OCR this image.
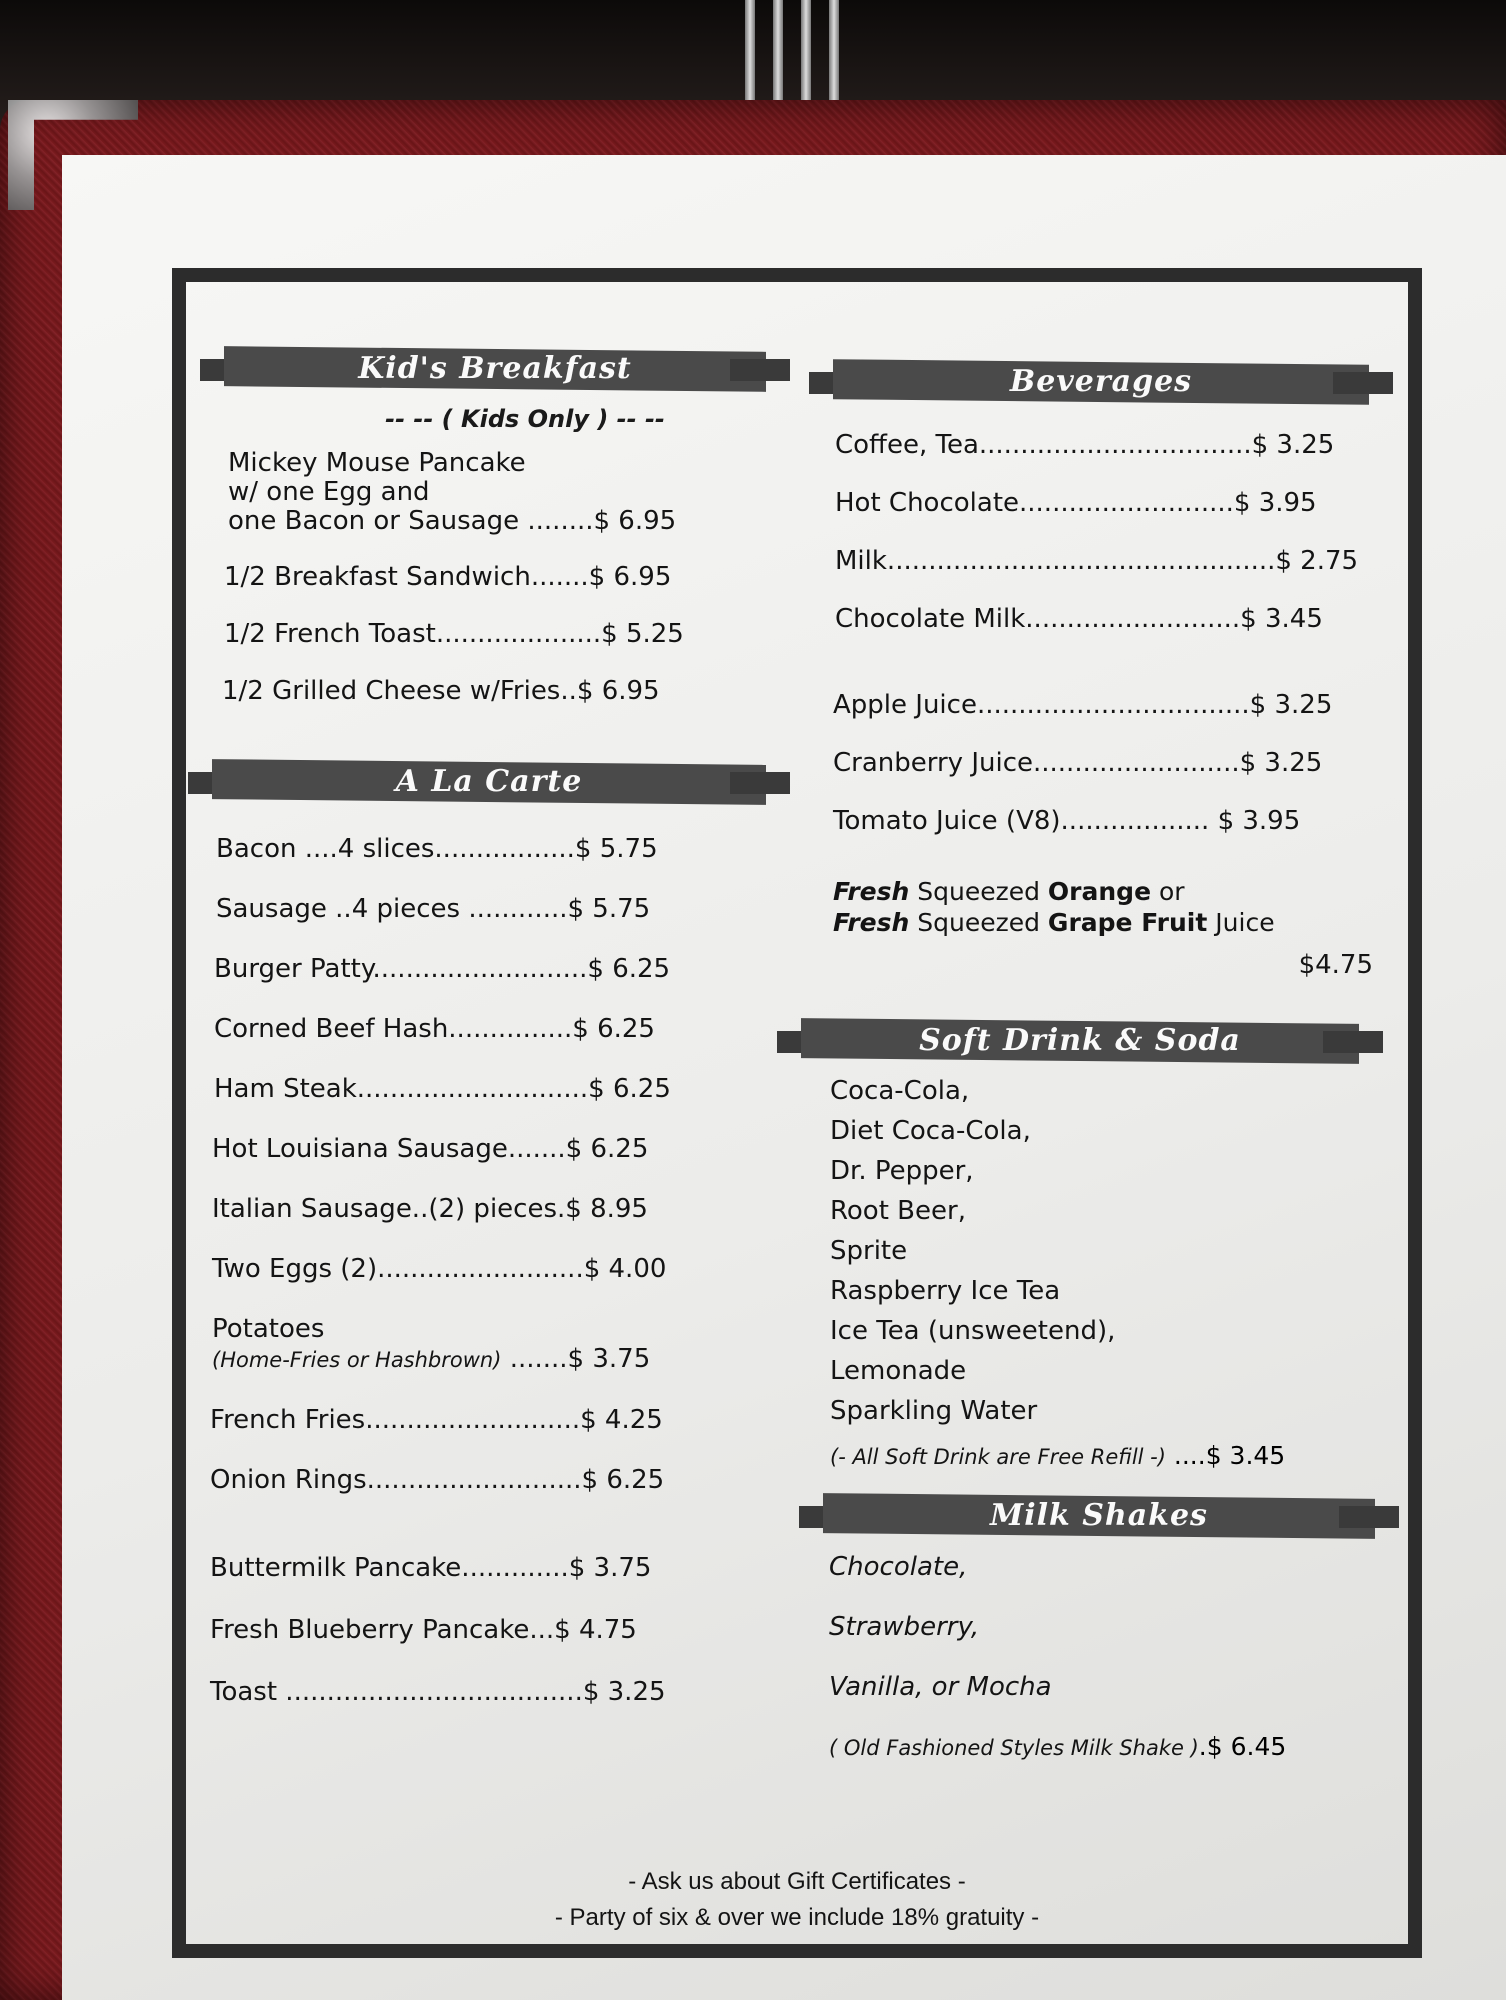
Kid's Breakfast
-- -- ( Kids Only ) -- --
Mickey Mouse Pancake
w/ one Egg and
one Bacon or Sausage ........$ 6.95
1/2 Breakfast Sandwich.......$ 6.95
1/2 French Toast....................$ 5.25
1/2 Grilled Cheese w/Fries..$ 6.95
A La Carte
Bacon ....4 slices.................$ 5.75
Sausage ..4 pieces ............$ 5.75
Burger Patty..........................$ 6.25
Corned Beef Hash...............$ 6.25
Ham Steak............................$ 6.25
Hot Louisiana Sausage.......$ 6.25
Italian Sausage..(2) pieces.$ 8.95
Two Eggs (2).........................$ 4.00
Potatoes
(Home-Fries or Hashbrown) .......$ 3.75
French Fries..........................$ 4.25
Onion Rings..........................$ 6.25
Buttermilk Pancake.............$ 3.75
Fresh Blueberry Pancake...$ 4.75
Toast ....................................$ 3.25
Beverages
Coffee, Tea.................................$ 3.25
Hot Chocolate..........................$ 3.95
Milk...............................................$ 2.75
Chocolate Milk..........................$ 3.45
Apple Juice.................................$ 3.25
Cranberry Juice.........................$ 3.25
Tomato Juice (V8).................. $ 3.95
Fresh Squeezed Orange or
Fresh Squeezed Grape Fruit Juice
$4.75
Soft Drink & Soda
Coca-Cola,
Diet Coca-Cola,
Dr. Pepper,
Root Beer,
Sprite
Raspberry Ice Tea
Ice Tea (unsweetend),
Lemonade
Sparkling Water
(- All Soft Drink are Free Refill -) ....$ 3.45
Milk Shakes
Chocolate,
Strawberry,
Vanilla, or Mocha
( Old Fashioned Styles Milk Shake ).$ 6.45
- Ask us about Gift Certificates -
- Party of six & over we include 18% gratuity -
